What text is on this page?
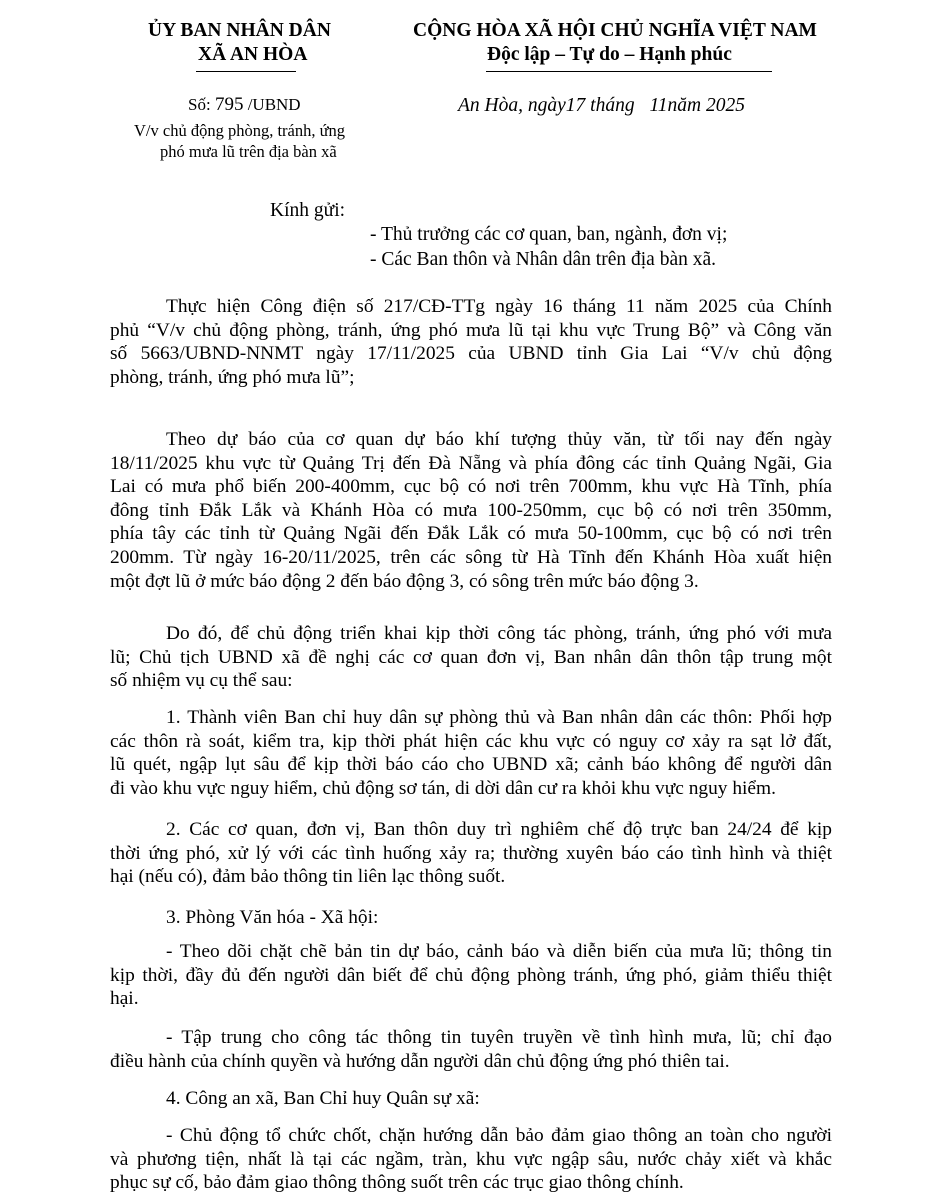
ỦY BAN NHÂN DÂN
XÃ AN HÒA
CỘNG HÒA XÃ HỘI CHỦ NGHĨA VIỆT NAM
Độc lập – Tự do – Hạnh phúc
Số: 795 /UBND
V/v chủ động phòng, tránh, ứng
phó mưa lũ trên địa bàn xã
An Hòa, ngày17 tháng 11năm 2025
Kính gửi:
- Thủ trưởng các cơ quan, ban, ngành, đơn vị;
- Các Ban thôn và Nhân dân trên địa bàn xã.
Thực hiện Công điện số 217/CĐ-TTg ngày 16 tháng 11 năm 2025 của Chính
phủ “V/v chủ động phòng, tránh, ứng phó mưa lũ tại khu vực Trung Bộ” và Công văn
số 5663/UBND-NNMT ngày 17/11/2025 của UBND tỉnh Gia Lai “V/v chủ động
phòng, tránh, ứng phó mưa lũ”;
Theo dự báo của cơ quan dự báo khí tượng thủy văn, từ tối nay đến ngày
18/11/2025 khu vực từ Quảng Trị đến Đà Nẵng và phía đông các tỉnh Quảng Ngãi, Gia
Lai có mưa phổ biến 200-400mm, cục bộ có nơi trên 700mm, khu vực Hà Tĩnh, phía
đông tỉnh Đắk Lắk và Khánh Hòa có mưa 100-250mm, cục bộ có nơi trên 350mm,
phía tây các tỉnh từ Quảng Ngãi đến Đắk Lắk có mưa 50-100mm, cục bộ có nơi trên
200mm. Từ ngày 16-20/11/2025, trên các sông từ Hà Tĩnh đến Khánh Hòa xuất hiện
một đợt lũ ở mức báo động 2 đến báo động 3, có sông trên mức báo động 3.
Do đó, để chủ động triển khai kịp thời công tác phòng, tránh, ứng phó với mưa
lũ; Chủ tịch UBND xã đề nghị các cơ quan đơn vị, Ban nhân dân thôn tập trung một
số nhiệm vụ cụ thể sau:
1. Thành viên Ban chỉ huy dân sự phòng thủ và Ban nhân dân các thôn: Phối hợp
các thôn rà soát, kiểm tra, kịp thời phát hiện các khu vực có nguy cơ xảy ra sạt lở đất,
lũ quét, ngập lụt sâu để kịp thời báo cáo cho UBND xã; cảnh báo không để người dân
đi vào khu vực nguy hiểm, chủ động sơ tán, di dời dân cư ra khỏi khu vực nguy hiểm.
2. Các cơ quan, đơn vị, Ban thôn duy trì nghiêm chế độ trực ban 24/24 để kịp
thời ứng phó, xử lý với các tình huống xảy ra; thường xuyên báo cáo tình hình và thiệt
hại (nếu có), đảm bảo thông tin liên lạc thông suốt.
3. Phòng Văn hóa - Xã hội:
- Theo dõi chặt chẽ bản tin dự báo, cảnh báo và diễn biến của mưa lũ; thông tin
kịp thời, đầy đủ đến người dân biết để chủ động phòng tránh, ứng phó, giảm thiểu thiệt
hại.
- Tập trung cho công tác thông tin tuyên truyền về tình hình mưa, lũ; chỉ đạo
điều hành của chính quyền và hướng dẫn người dân chủ động ứng phó thiên tai.
4. Công an xã, Ban Chỉ huy Quân sự xã:
- Chủ động tổ chức chốt, chặn hướng dẫn bảo đảm giao thông an toàn cho người
và phương tiện, nhất là tại các ngầm, tràn, khu vực ngập sâu, nước chảy xiết và khắc
phục sự cố, bảo đảm giao thông thông suốt trên các trục giao thông chính.
